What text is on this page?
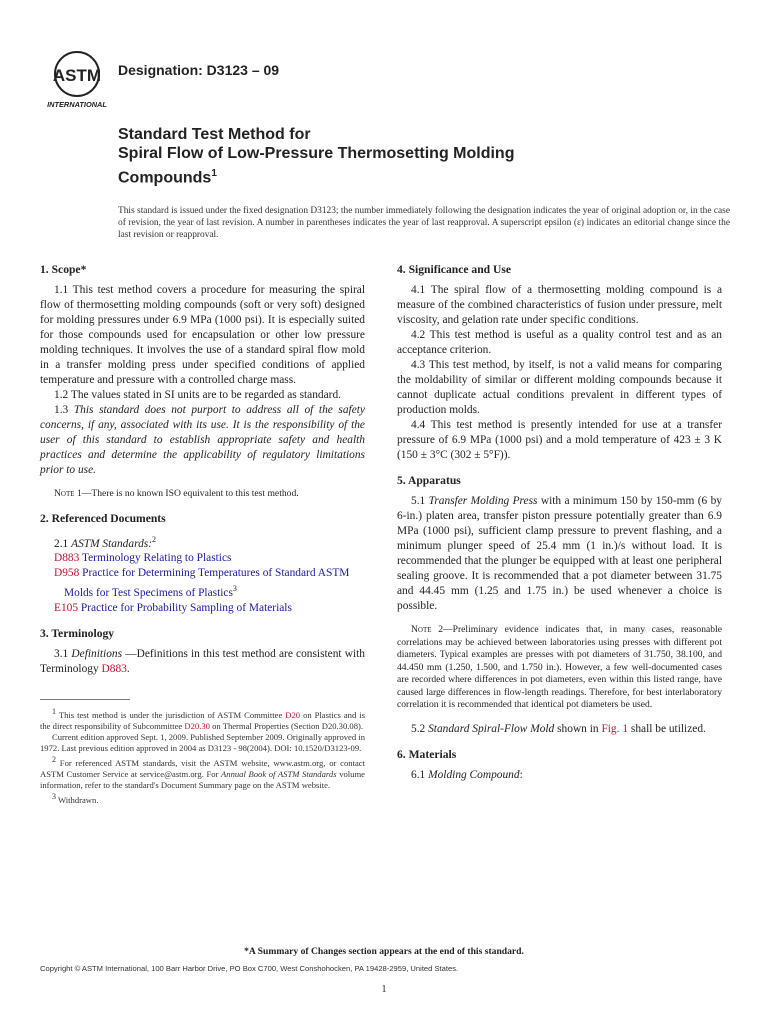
ASTM
INTERNATIONAL
Designation: D3123 – 09
Standard Test Method for
Spiral Flow of Low-Pressure Thermosetting Molding
Compounds$^1$
This standard is issued under the fixed designation D3123; the number immediately following the designation indicates the year of original adoption or, in the case of revision, the year of last revision. A number in parentheses indicates the year of last reapproval. A superscript epsilon (ε) indicates an editorial change since the last revision or reapproval.
1. Scope*

1.1 This test method covers a procedure for measuring the spiral flow of thermosetting molding compounds (soft or very soft) designed for molding pressures under 6.9 MPa (1000 psi). It is especially suited for those compounds used for encapsulation or other low pressure molding techniques. It involves the use of a standard spiral flow mold in a transfer molding press under specified conditions of applied temperature and pressure with a controlled charge mass.

1.2 The values stated in SI units are to be regarded as standard.

1.3 This standard does not purport to address all of the safety concerns, if any, associated with its use. It is the responsibility of the user of this standard to establish appropriate safety and health practices and determine the applicability of regulatory limitations prior to use.

Note 1—There is no known ISO equivalent to this test method.
2. Referenced Documents

2.1 ASTM Standards:$^2$

D883 Terminology Relating to Plastics
D958 Practice for Determining Temperatures of Standard ASTM Molds for Test Specimens of Plastics$^3$
E105 Practice for Probability Sampling of Materials
3. Terminology

3.1 Definitions —Definitions in this test method are consistent with Terminology D883.

$^1$ This test method is under the jurisdiction of ASTM Committee D20 on Plastics and is the direct responsibility of Subcommittee D20.30 on Thermal Properties (Section D20.30.08).

Current edition approved Sept. 1, 2009. Published September 2009. Originally approved in 1972. Last previous edition approved in 2004 as D3123 - 98(2004). DOI: 10.1520/D3123-09.

$^2$ For referenced ASTM standards, visit the ASTM website, www.astm.org, or contact ASTM Customer Service at service@astm.org. For Annual Book of ASTM Standards volume information, refer to the standard's Document Summary page on the ASTM website.

$^3$ Withdrawn.

4. Significance and Use

4.1 The spiral flow of a thermosetting molding compound is a measure of the combined characteristics of fusion under pressure, melt viscosity, and gelation rate under specific conditions.

4.2 This test method is useful as a quality control test and as an acceptance criterion.

4.3 This test method, by itself, is not a valid means for comparing the moldability of similar or different molding compounds because it cannot duplicate actual conditions prevalent in different types of production molds.

4.4 This test method is presently intended for use at a transfer pressure of 6.9 MPa (1000 psi) and a mold temperature of 423 ± 3 K (150 ± 3°C (302 ± 5°F)).

5. Apparatus

5.1 Transfer Molding Press with a minimum 150 by 150-mm (6 by 6-in.) platen area, transfer piston pressure potentially greater than 6.9 MPa (1000 psi), sufficient clamp pressure to prevent flashing, and a minimum plunger speed of 25.4 mm (1 in.)/s without load. It is recommended that the plunger be equipped with at least one peripheral sealing groove. It is recommended that a pot diameter between 31.75 and 44.45 mm (1.25 and 1.75 in.) be used whenever a choice is possible.

Note 2—Preliminary evidence indicates that, in many cases, reasonable correlations may be achieved between laboratories using presses with different pot diameters. Typical examples are presses with pot diameters of 31.750, 38.100, and 44.450 mm (1.250, 1.500, and 1.750 in.). However, a few well-documented cases are recorded where differences in pot diameters, even within this listed range, have caused large differences in flow-length readings. Therefore, for best interlaboratory correlation it is recommended that identical pot diameters be used.

5.2 Standard Spiral-Flow Mold shown in Fig. 1 shall be utilized.

6. Materials

6.1 Molding Compound:

*A Summary of Changes section appears at the end of this standard.
Copyright © ASTM International, 100 Barr Harbor Drive, PO Box C700, West Conshohocken, PA 19428-2959, United States.
1
